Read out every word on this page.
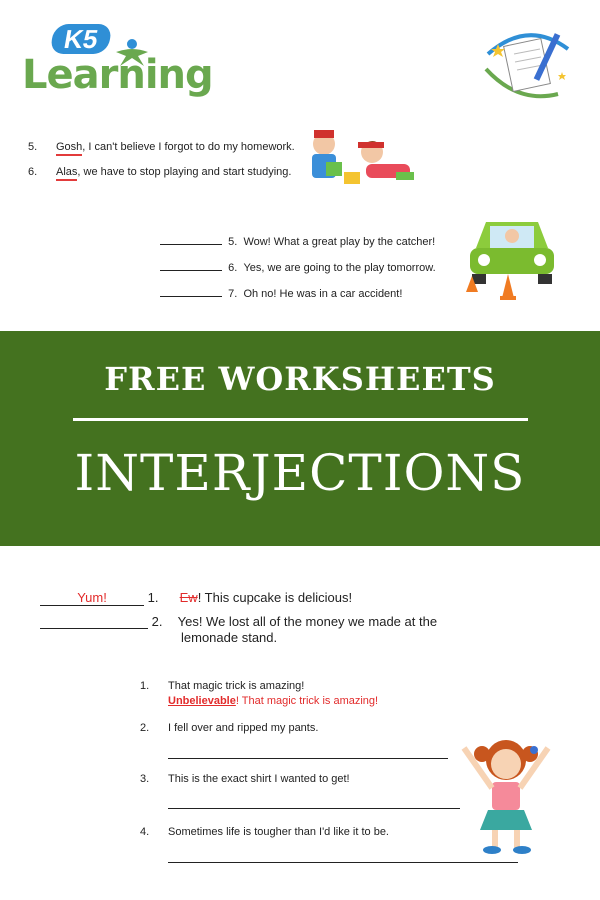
K5
Learning
5. Gosh, I can't believe I forgot to do my homework.
6. Alas, we have to stop playing and start studying.
5. Wow! What a great play by the catcher!
6. Yes, we are going to the play tomorrow.
7. Oh no! He was in a car accident!
FREE WORKSHEETS
INTERJECTIONS
Yum!	1. Ew! This cupcake is delicious!
2. Yes! We lost all of the money we made at the
lemonade stand.
1. That magic trick is amazing!
Unbelievable! That magic trick is amazing!
2. I fell over and ripped my pants.
3. This is the exact shirt I wanted to get!
4. Sometimes life is tougher than I'd like it to be.
